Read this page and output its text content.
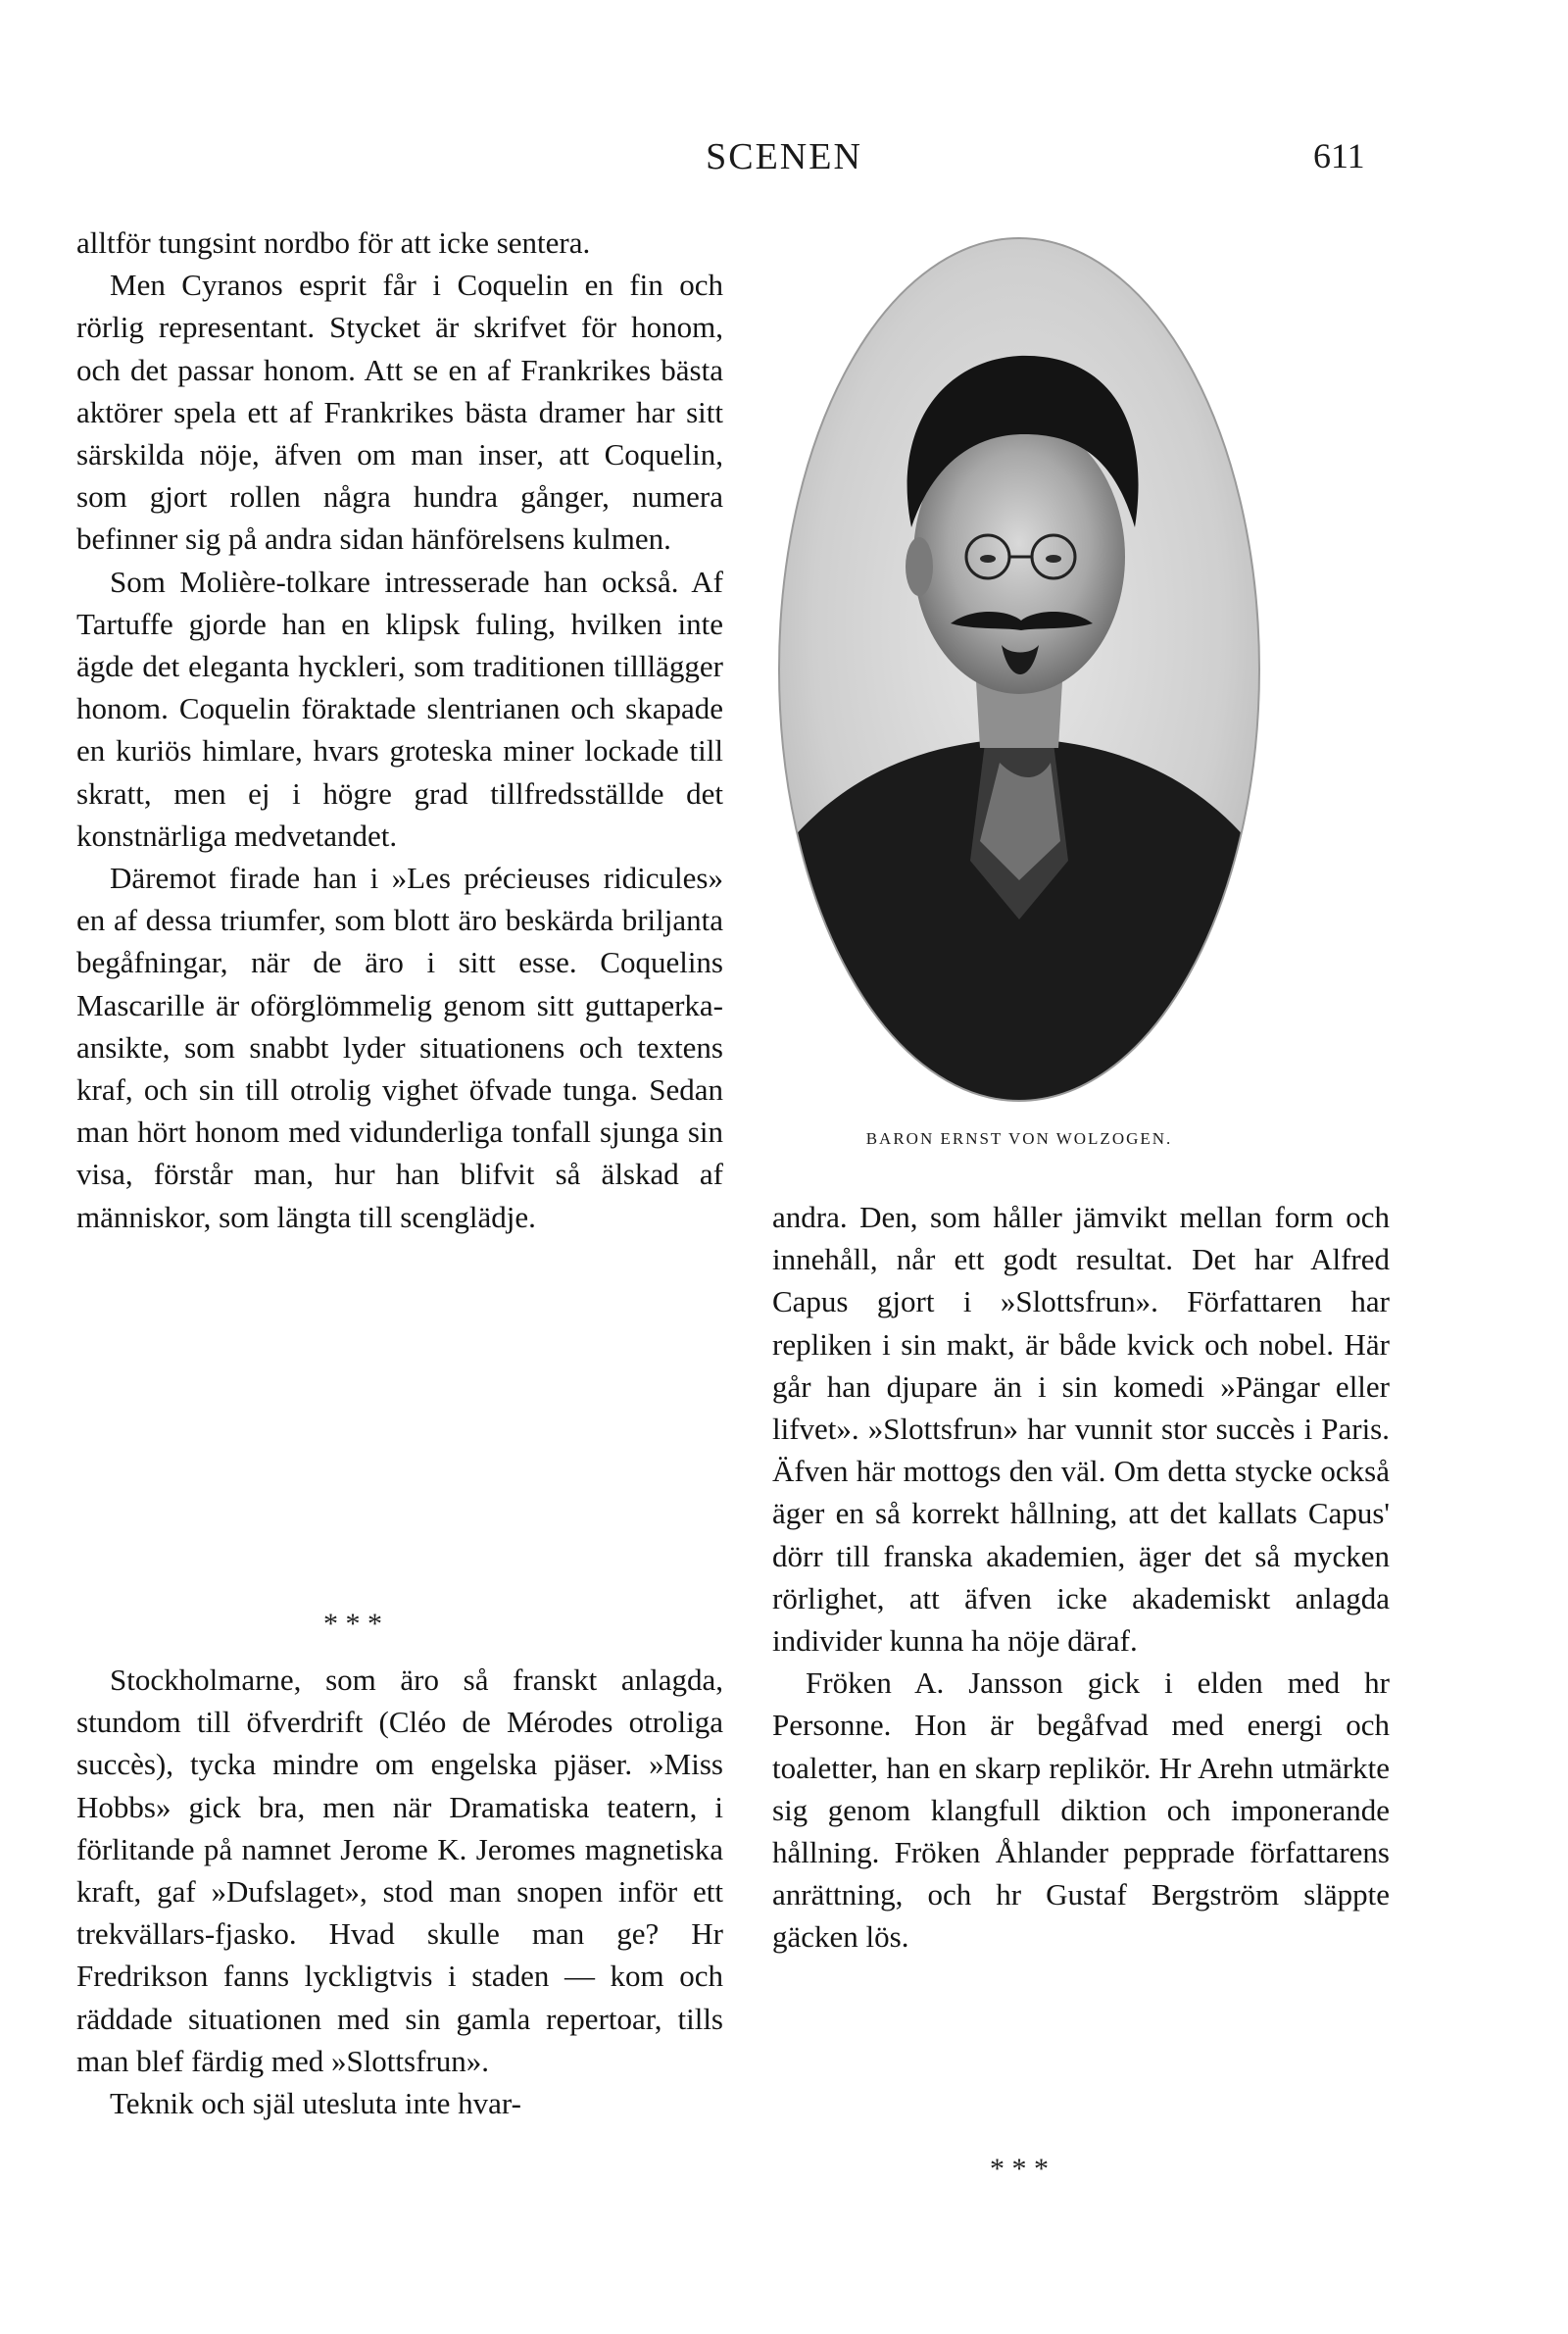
SCENEN	611

alltför tungsint nordbo för att icke sentera.

Men Cyranos esprit får i Coquelin en fin och rörlig representant. Stycket är skrifvet för honom, och det passar honom. Att se en af Frankrikes bästa aktörer spela ett af Frankrikes bästa dramer har sitt särskilda nöje, äfven om man inser, att Coquelin, som gjort rollen några hundra gånger, numera befinner sig på andra sidan hänförelsens kulmen.

Som Molière-tolkare intresserade han också. Af Tartuffe gjorde han en klipsk fuling, hvilken inte ägde det eleganta hyckleri, som traditionen tilllägger honom. Coquelin föraktade slentrianen och skapade en kuriös himlare, hvars groteska miner lockade till skratt, men ej i högre grad tillfredsställde det konstnärliga medvetandet.

Däremot firade han i »Les précieuses ridicules» en af dessa triumfer, som blott äro beskärda briljanta begåfningar, när de äro i sitt esse. Coquelins Mascarille är oförglömmelig genom sitt guttaperka-ansikte, som snabbt lyder situationens och textens kraf, och sin till otrolig vighet öfvade tunga. Sedan man hört honom med vidunderliga tonfall sjunga sin visa, förstår man, hur han blifvit så älskad af människor, som längta till scenglädje.

* * *

Stockholmarne, som äro så franskt anlagda, stundom till öfverdrift (Cléo de Mérodes otroliga succès), tycka mindre om engelska pjäser. »Miss Hobbs» gick bra, men när Dramatiska teatern, i förlitande på namnet Jerome K. Jeromes magnetiska kraft, gaf »Dufslaget», stod man snopen inför ett trekvällars-fjasko. Hvad skulle man ge? Hr Fredrikson fanns lyckligtvis i staden — kom och räddade situationen med sin gamla repertoar, tills man blef färdig med »Slottsfrun».

Teknik och själ utesluta inte hvar-

BARON ERNST VON WOLZOGEN.

andra. Den, som håller jämvikt mellan form och innehåll, når ett godt resultat. Det har Alfred Capus gjort i »Slottsfrun». Författaren har repliken i sin makt, är både kvick och nobel. Här går han djupare än i sin komedi »Pängar eller lifvet». »Slottsfrun» har vunnit stor succès i Paris. Äfven här mottogs den väl. Om detta stycke också äger en så korrekt hållning, att det kallats Capus' dörr till franska akademien, äger det så mycken rörlighet, att äfven icke akademiskt anlagda individer kunna ha nöje däraf.

Fröken A. Jansson gick i elden med hr Personne. Hon är begåfvad med energi och toaletter, han en skarp replikör. Hr Arehn utmärkte sig genom klangfull diktion och imponerande hållning. Fröken Åhlander pepprade författarens anrättning, och hr Gustaf Bergström släppte gäcken lös.

* * *
